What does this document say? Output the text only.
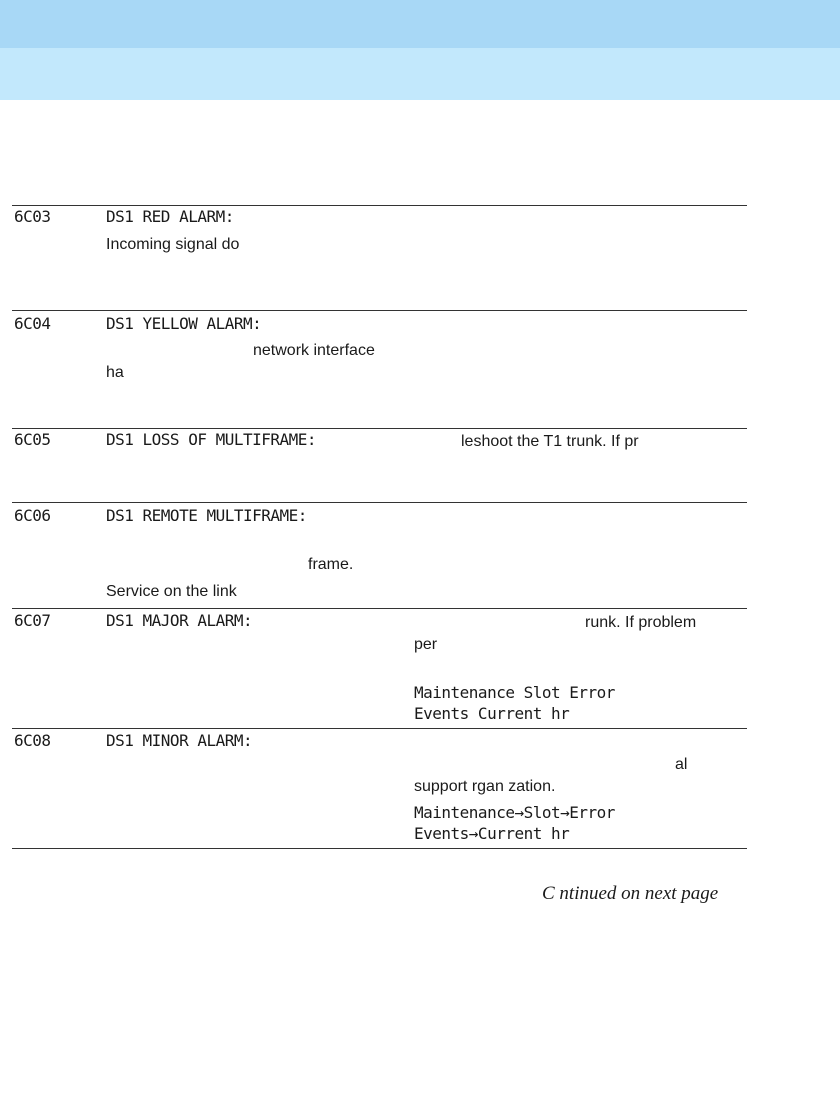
6C03	DS1 RED ALARM:
Incoming signal do
6C04	DS1 YELLOW ALARM:
network interface
ha
6C05	DS1 LOSS OF MULTIFRAME:	leshoot the T1 trunk. If pr
6C06	DS1 REMOTE MULTIFRAME:
frame.
Service on the link
6C07	DS1 MAJOR ALARM:	runk. If problem
per
Maintenance Slot Error
Events Current hr
6C08	DS1 MINOR ALARM:
al
support rgan zation.
Maintenance→Slot→Error
Events→Current hr
C ntinued on next page
